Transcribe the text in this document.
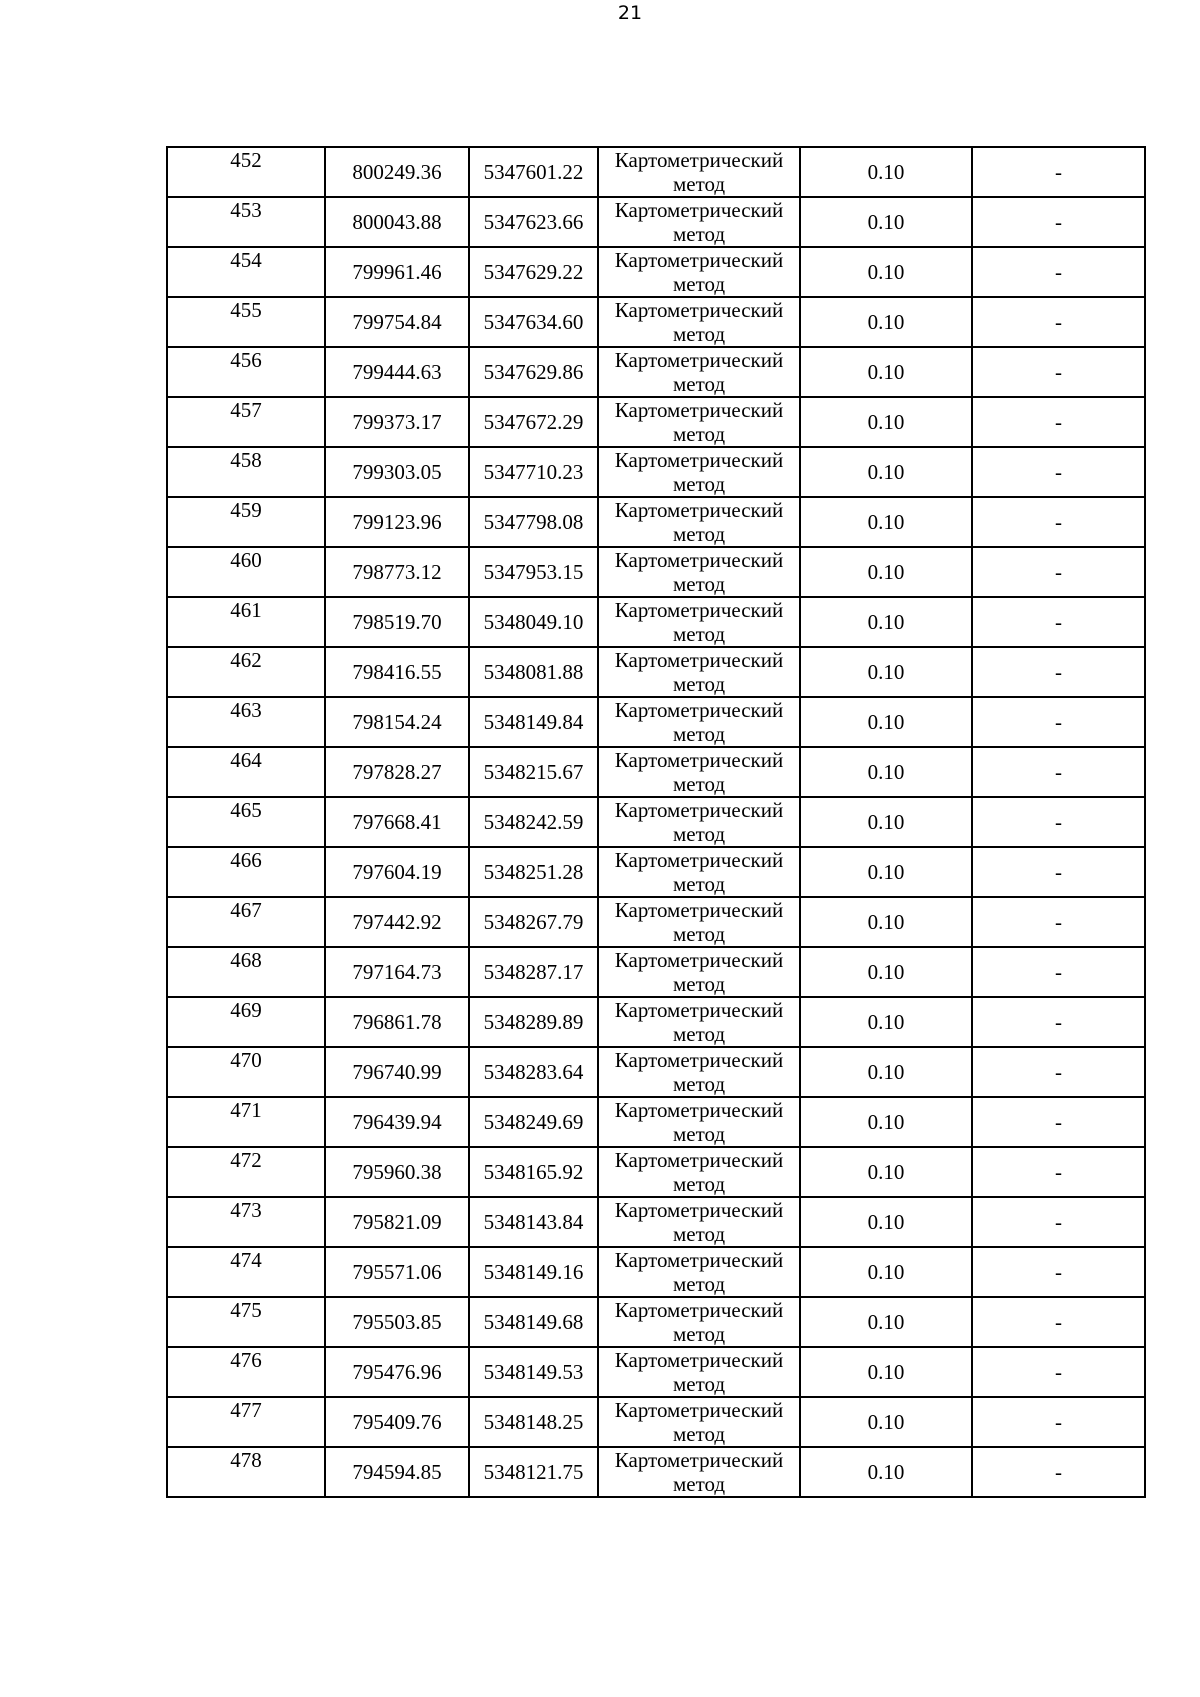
21
452	800249.36	5347601.22	Картометрический метод	0.10	-
453	800043.88	5347623.66	Картометрический метод	0.10	-
454	799961.46	5347629.22	Картометрический метод	0.10	-
455	799754.84	5347634.60	Картометрический метод	0.10	-
456	799444.63	5347629.86	Картометрический метод	0.10	-
457	799373.17	5347672.29	Картометрический метод	0.10	-
458	799303.05	5347710.23	Картометрический метод	0.10	-
459	799123.96	5347798.08	Картометрический метод	0.10	-
460	798773.12	5347953.15	Картометрический метод	0.10	-
461	798519.70	5348049.10	Картометрический метод	0.10	-
462	798416.55	5348081.88	Картометрический метод	0.10	-
463	798154.24	5348149.84	Картометрический метод	0.10	-
464	797828.27	5348215.67	Картометрический метод	0.10	-
465	797668.41	5348242.59	Картометрический метод	0.10	-
466	797604.19	5348251.28	Картометрический метод	0.10	-
467	797442.92	5348267.79	Картометрический метод	0.10	-
468	797164.73	5348287.17	Картометрический метод	0.10	-
469	796861.78	5348289.89	Картометрический метод	0.10	-
470	796740.99	5348283.64	Картометрический метод	0.10	-
471	796439.94	5348249.69	Картометрический метод	0.10	-
472	795960.38	5348165.92	Картометрический метод	0.10	-
473	795821.09	5348143.84	Картометрический метод	0.10	-
474	795571.06	5348149.16	Картометрический метод	0.10	-
475	795503.85	5348149.68	Картометрический метод	0.10	-
476	795476.96	5348149.53	Картометрический метод	0.10	-
477	795409.76	5348148.25	Картометрический метод	0.10	-
478	794594.85	5348121.75	Картометрический метод	0.10	-
